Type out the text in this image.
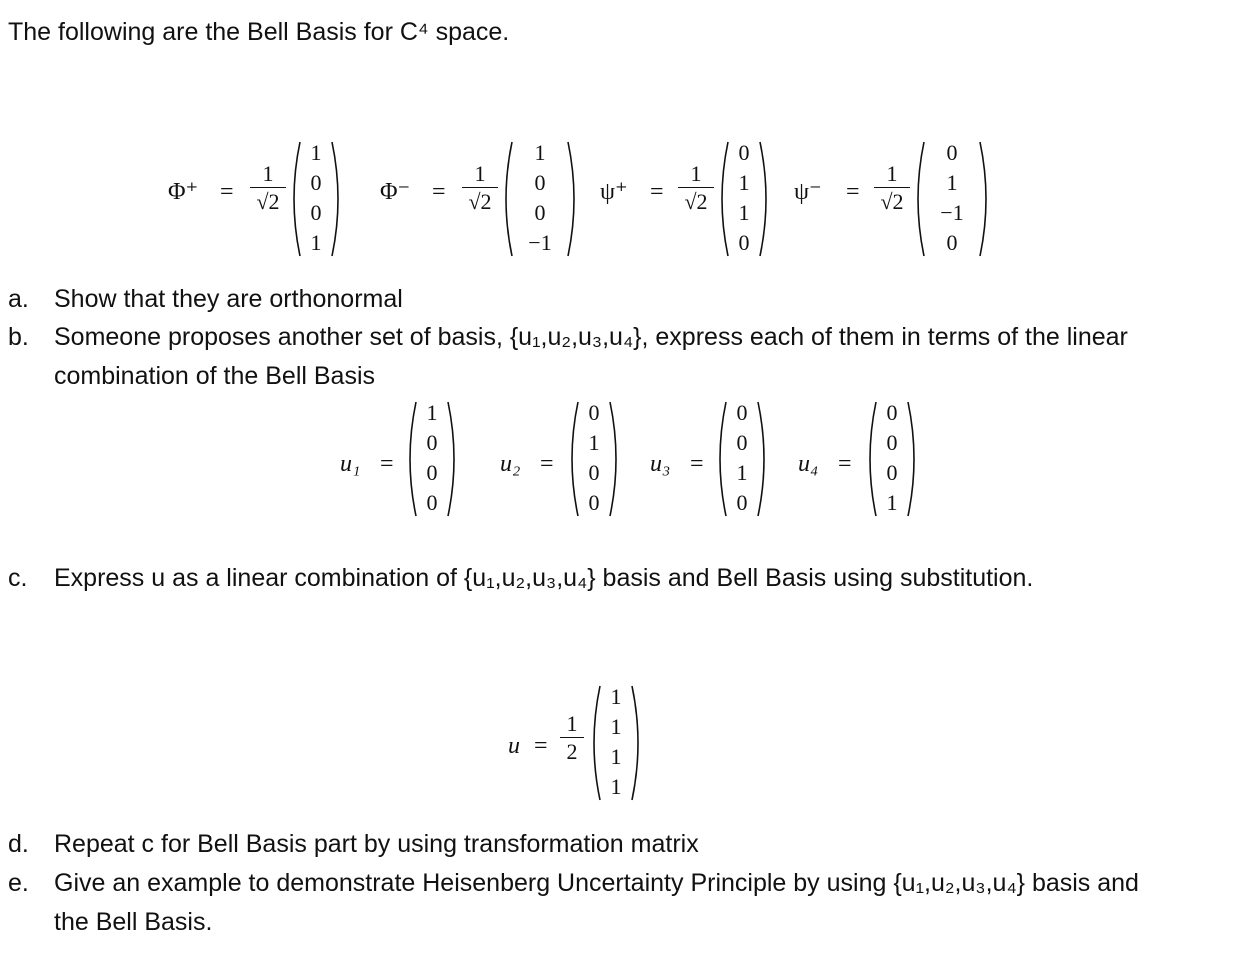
The following are the Bell Basis for C⁴ space.
Φ⁺ =
1
√2
1
0
0
1
Φ⁻ =
1
√2
1
0
0
−1
ψ⁺ =
1
√2
0
1
1
0
ψ⁻ =
1
√2
0
1
−1
0
a. Show that they are orthonormal
b. Someone proposes another set of basis, {u₁,u₂,u₃,u₄}, express each of them in terms of the linear
combination of the Bell Basis
u₁ =
1
0
0
0
u₂ =
0
1
0
0
u₃ =
0
0
1
0
u₄ =
0
0
0
1
c. Express u as a linear combination of {u₁,u₂,u₃,u₄} basis and Bell Basis using substitution.
u =
1
2
1
1
1
1
d. Repeat c for Bell Basis part by using transformation matrix
e. Give an example to demonstrate Heisenberg Uncertainty Principle by using {u₁,u₂,u₃,u₄} basis and
the Bell Basis.
